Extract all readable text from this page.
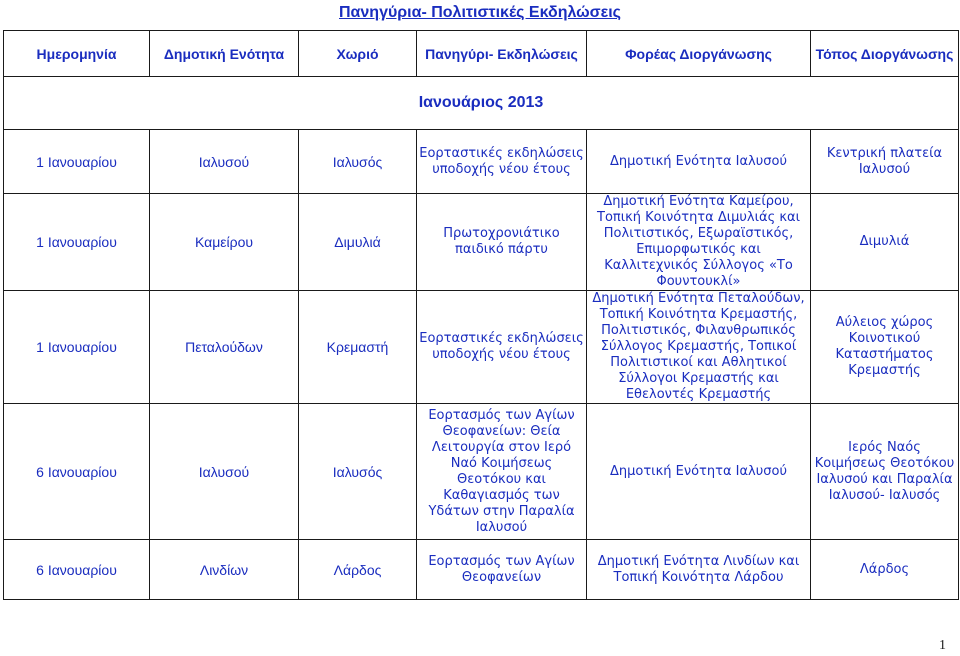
Πανηγύρια- Πολιτιστικές Εκδηλώσεις
Ημερομηνία	Δημοτική Ενότητα	Χωριό	Πανηγύρι- Εκδηλώσεις	Φορέας Διοργάνωσης	Τόπος Διοργάνωσης
Ιανουάριος 2013					
1 Ιανουαρίου	Ιαλυσού	Ιαλυσός	Εορταστικές εκδηλώσεις υποδοχής νέου έτους	Δημοτική Ενότητα Ιαλυσού	Κεντρική πλατεία Ιαλυσού
1 Ιανουαρίου	Καμείρου	Διμυλιά	Πρωτοχρονιάτικο παιδικό πάρτυ	Δημοτική Ενότητα Καμείρου, Τοπική Κοινότητα Διμυλιάς και Πολιτιστικός, Εξωραϊστικός, Επιμορφωτικός και Καλλιτεχνικός Σύλλογος «Το Φουντουκλί»	Διμυλιά
1 Ιανουαρίου	Πεταλούδων	Κρεμαστή	Εορταστικές εκδηλώσεις υποδοχής νέου έτους	Δημοτική Ενότητα Πεταλούδων, Τοπική Κοινότητα Κρεμαστής, Πολιτιστικός, Φιλανθρωπικός Σύλλογος Κρεμαστής, Τοπικοί Πολιτιστικοί και Αθλητικοί Σύλλογοι Κρεμαστής και Εθελοντές Κρεμαστής	Αύλειος χώρος Κοινοτικού Καταστήματος Κρεμαστής
6 Ιανουαρίου	Ιαλυσού	Ιαλυσός	Εορτασμός των Αγίων Θεοφανείων: Θεία Λειτουργία στον Ιερό Ναό Κοιμήσεως Θεοτόκου και Καθαγιασμός των Υδάτων στην Παραλία Ιαλυσού	Δημοτική Ενότητα Ιαλυσού	Ιερός Ναός Κοιμήσεως Θεοτόκου Ιαλυσού και Παραλία Ιαλυσού- Ιαλυσός
6 Ιανουαρίου	Λινδίων	Λάρδος	Εορτασμός των Αγίων Θεοφανείων	Δημοτική Ενότητα Λινδίων και Τοπική Κοινότητα Λάρδου	Λάρδος
1
